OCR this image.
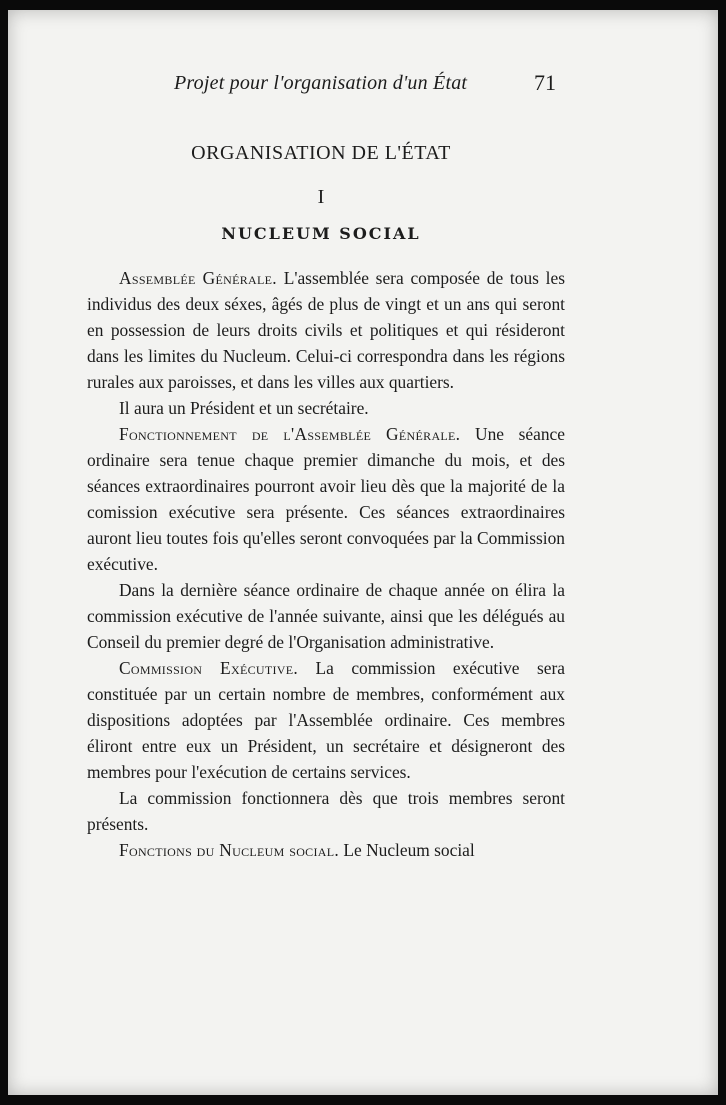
Projet pour l'organisation d'un État	71
ORGANISATION DE L'ÉTAT
I
NUCLEUM SOCIAL

Assemblée Générale. L'assemblée sera composée de tous les individus des deux séxes, âgés de plus de vingt et un ans qui seront en possession de leurs droits civils et politiques et qui résideront dans les limites du Nucleum. Celui-ci correspondra dans les régions rurales aux paroisses, et dans les villes aux quartiers.

Il aura un Président et un secrétaire.

Fonctionnement de l'Assemblée Générale. Une séance ordinaire sera tenue chaque premier dimanche du mois, et des séances extraordinaires pourront avoir lieu dès que la majorité de la comission exécutive sera présente. Ces séances extraordinaires auront lieu toutes fois qu'elles seront convoquées par la Commission exécutive.

Dans la dernière séance ordinaire de chaque année on élira la commission exécutive de l'année suivante, ainsi que les délégués au Conseil du premier degré de l'Organisation administrative.

Commission Exécutive. La commission exécutive sera constituée par un certain nombre de membres, conformément aux dispositions adoptées par l'Assemblée ordinaire. Ces membres éliront entre eux un Président, un secrétaire et désigneront des membres pour l'exécution de certains services.

La commission fonctionnera dès que trois membres seront présents.

Fonctions du Nucleum social. Le Nucleum social
